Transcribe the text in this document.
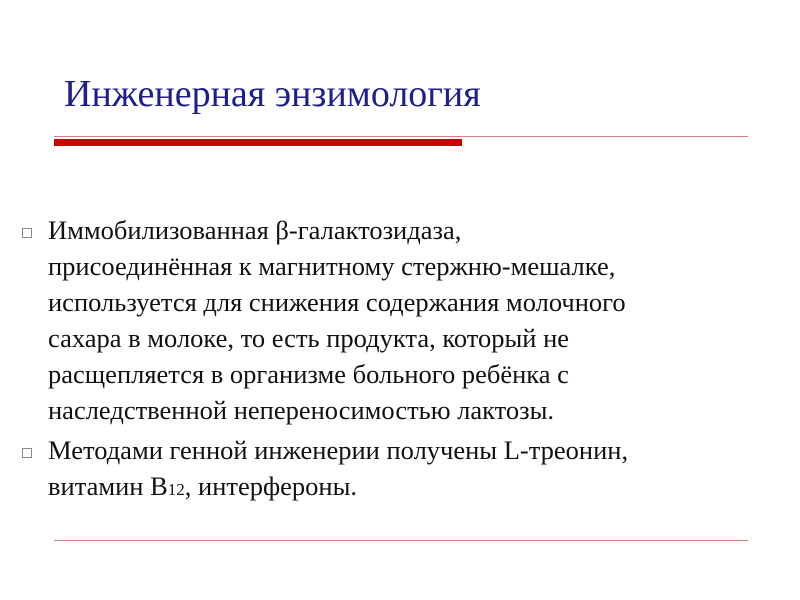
Инженерная энзимология
Иммобилизованная β-галактозидаза,
присоединённая к магнитному стержню-мешалке,
используется для снижения содержания молочного
сахара в молоке, то есть продукта, который не
расщепляется в организме больного ребёнка с
наследственной непереносимостью лактозы.
Методами генной инженерии получены L-треонин,
витамин В12, интерфероны.
